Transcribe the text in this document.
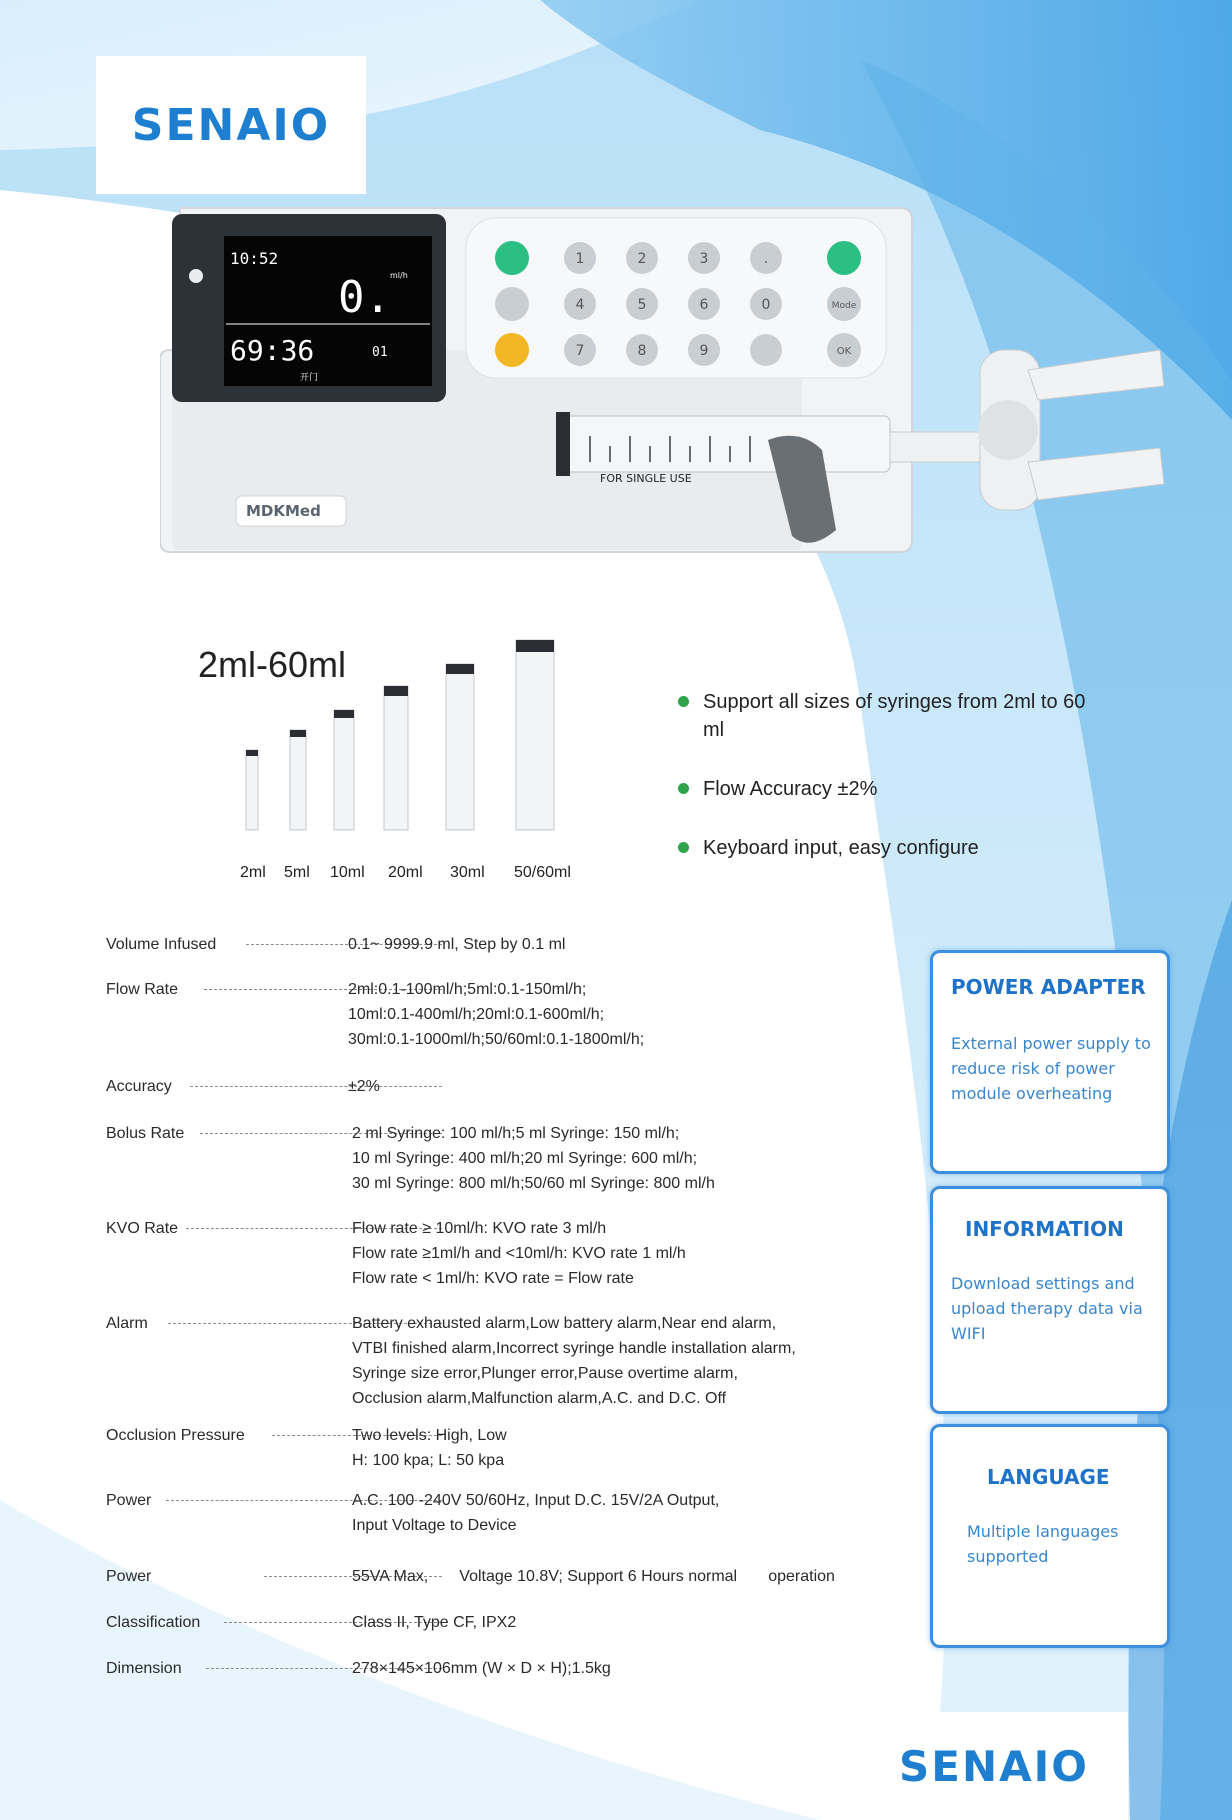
SENAIO
10:52
0. ml/h
69:36	01
开门
1	2	3	.
4	5	6	0
7	8	9
Mode
OK
FOR SINGLE USE
MDKMed
2ml-60ml
2ml 5ml 10ml 20ml 30ml 50/60ml
Support all sizes of syringes from 2ml to 60 ml
Flow Accuracy ±2%
Keyboard input, easy configure
Volume Infused	0.1~ 9999.9 ml, Step by 0.1 ml
Flow Rate	2ml:0.1-100ml/h;5ml:0.1-150ml/h;
10ml:0.1-400ml/h;20ml:0.1-600ml/h;
30ml:0.1-1000ml/h;50/60ml:0.1-1800ml/h;
Accuracy	±2%
Bolus Rate	2 ml Syringe: 100 ml/h;5 ml Syringe: 150 ml/h;
10 ml Syringe: 400 ml/h;20 ml Syringe: 600 ml/h;
30 ml Syringe: 800 ml/h;50/60 ml Syringe: 800 ml/h
KVO Rate	Flow rate ≥ 10ml/h: KVO rate 3 ml/h
Flow rate ≥1ml/h and <10ml/h: KVO rate 1 ml/h
Flow rate < 1ml/h: KVO rate = Flow rate
Alarm	Battery exhausted alarm,Low battery alarm,Near end alarm,
VTBI finished alarm,Incorrect syringe handle installation alarm,
Syringe size error,Plunger error,Pause overtime alarm,
Occlusion alarm,Malfunction alarm,A.C. and D.C. Off
Occlusion Pressure	Two levels: High, Low
H: 100 kpa; L: 50 kpa
Power	A.C. 100 -240V 50/60Hz, Input D.C. 15V/2A Output,
Input Voltage to Device
Power	55VA Max,       Voltage 10.8V; Support 6 Hours normal       operation
Classification	Class II, Type CF, IPX2
Dimension	278×145×106mm (W × D × H);1.5kg
POWER ADAPTER
External power supply to reduce risk of power module overheating
INFORMATION
Download settings and upload therapy data via WIFI
LANGUAGE
Multiple languages supported
SENAIO
